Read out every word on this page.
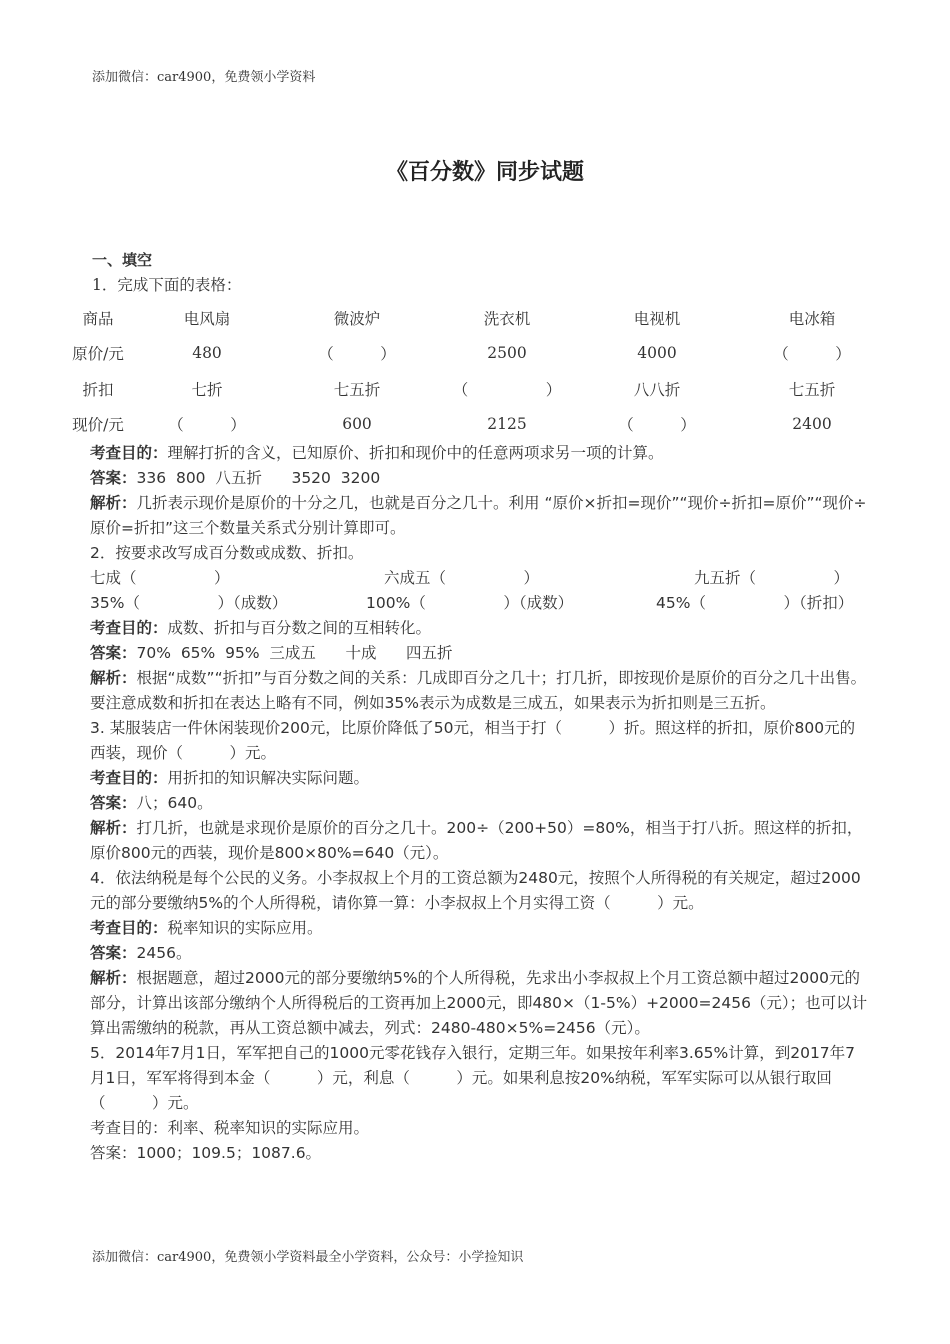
添加微信：car4900，免费领小学资料
《百分数》同步试题
一、填空
1．完成下面的表格：
商品	电风扇	微波炉	洗衣机	电视机	电冰箱
原价/元	480	（　　　）	2500	4000	（　　　）
折扣	七折	七五折	（　　　　　）	八八折	七五折
现价/元	（　　　）	600	2125	（　　　）	2400
考查目的：理解打折的含义，已知原价、折扣和现价中的任意两项求另一项的计算。
答案：336  800  八五折      3520  3200
解析：几折表示现价是原价的十分之几，也就是百分之几十。利用 “原价×折扣=现价”“现价÷折扣=原价”“现价÷原价=折扣”这三个数量关系式分别计算即可。
2．按要求改写成百分数或成数、折扣。
七成（　　　　　）	六成五（　　　　　）	九五折（　　　　　）
35%（　　　　　）（成数）	100%（　　　　　）（成数）	45%（　　　　　）（折扣）
考查目的：成数、折扣与百分数之间的互相转化。
答案：70%  65%  95%  三成五      十成      四五折
解析：根据“成数”“折扣”与百分数之间的关系：几成即百分之几十；打几折，即按现价是原价的百分之几十出售。要注意成数和折扣在表达上略有不同，例如35%表示为成数是三成五，如果表示为折扣则是三五折。
3. 某服装店一件休闲装现价200元，比原价降低了50元，相当于打（　　　）折。照这样的折扣，原价800元的西装，现价（　　　）元。
考查目的：用折扣的知识解决实际问题。
答案：八；640。
解析：打几折，也就是求现价是原价的百分之几十。200÷（200+50）=80%，相当于打八折。照这样的折扣，原价800元的西装，现价是800×80%=640（元）。
4．依法纳税是每个公民的义务。小李叔叔上个月的工资总额为2480元，按照个人所得税的有关规定，超过2000元的部分要缴纳5%的个人所得税，请你算一算：小李叔叔上个月实得工资（　　　）元。
考查目的：税率知识的实际应用。
答案：2456。
解析：根据题意，超过2000元的部分要缴纳5%的个人所得税，先求出小李叔叔上个月工资总额中超过2000元的部分，计算出该部分缴纳个人所得税后的工资再加上2000元，即480×（1-5%）+2000=2456（元）；也可以计算出需缴纳的税款，再从工资总额中减去，列式：2480-480×5%=2456（元）。
5．2014年7月1日，军军把自己的1000元零花钱存入银行，定期三年。如果按年利率3.65%计算，到2017年7月1日，军军将得到本金（　　　）元，利息（　　　）元。如果利息按20%纳税，军军实际可以从银行取回（　　　）元。
考查目的：利率、税率知识的实际应用。
答案：1000；109.5；1087.6。
添加微信：car4900，免费领小学资料最全小学资料，公众号：小学捡知识
